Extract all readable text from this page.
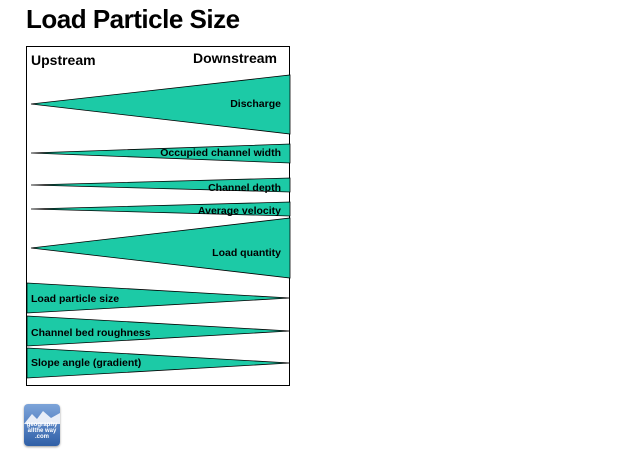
Load Particle Size
Upstream	Downstream
Discharge
Occupied channel width
Channel depth
Average velocity
Load quantity
Load particle size
Channel bed roughness
Slope angle (gradient)
geography
allthe way
.com
